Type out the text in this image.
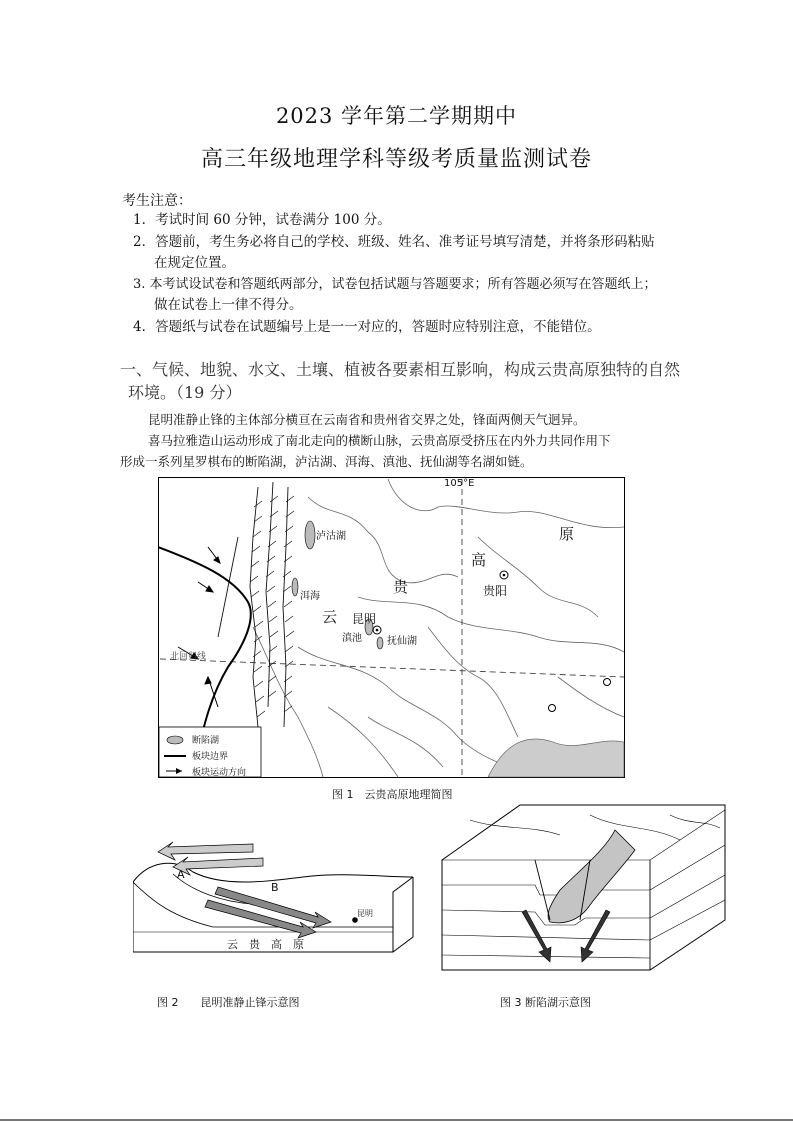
2023 学年第二学期期中
高三年级地理学科等级考质量监测试卷
考生注意：
1．考试时间 60 分钟，试卷满分 100 分。
2．答题前，考生务必将自己的学校、班级、姓名、准考证号填写清楚，并将条形码粘贴
在规定位置。
3. 本考试设试卷和答题纸两部分，试卷包括试题与答题要求；所有答题必须写在答题纸上；
做在试卷上一律不得分。
4．答题纸与试卷在试题编号上是一一对应的，答题时应特别注意，不能错位。
一、气候、地貌、水文、土壤、植被各要素相互影响，构成云贵高原独特的自然
环境。（19 分）
昆明准静止锋的主体部分横亘在云南省和贵州省交界之处，锋面两侧天气迥异。
喜马拉雅造山运动形成了南北走向的横断山脉，云贵高原受挤压在内外力共同作用下
形成一系列星罗棋布的断陷湖，泸沽湖、洱海、滇池、抚仙湖等名湖如链。
105°E
泸沽湖
洱海
云
贵
高
原
昆明
贵阳
滇池	抚仙湖
北回归线
断陷湖
板块边界
板块运动方向
图 1　云贵高原地理简图
A
B
昆明
云　贵　高　原
图 2　　昆明准静止锋示意图	图 3 断陷湖示意图
